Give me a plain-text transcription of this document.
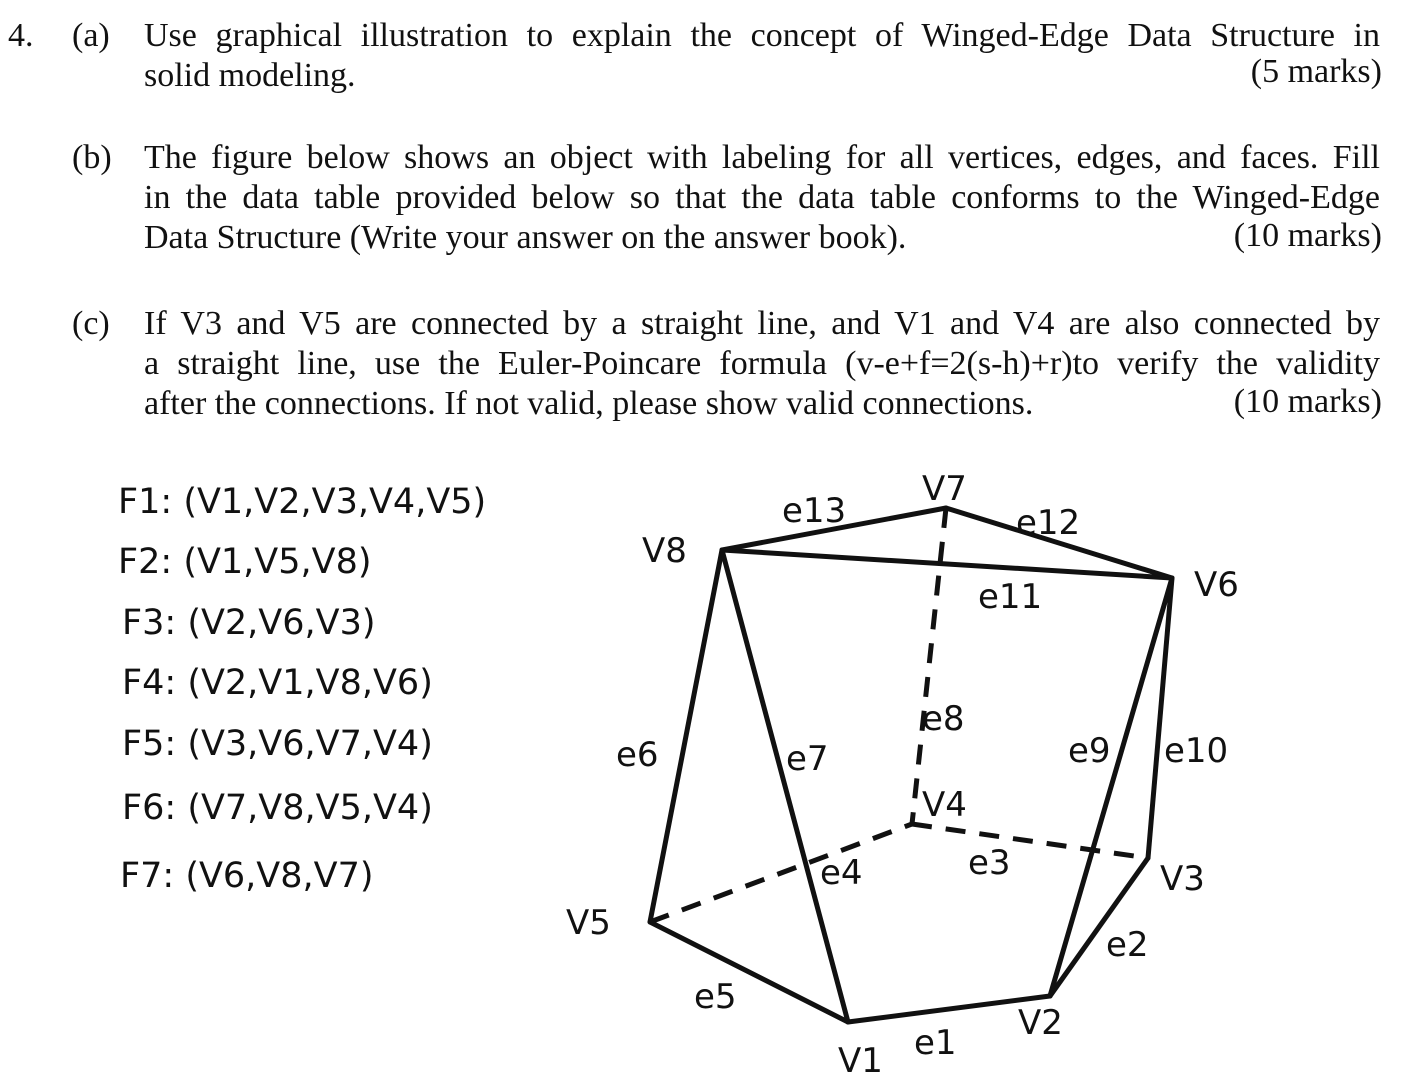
4. (a) Use graphical illustration to explain the concept of Winged-Edge Data Structure in
solid modeling.	(5 marks)
(b) The figure below shows an object with labeling for all vertices, edges, and faces. Fill
in the data table provided below so that the data table conforms to the Winged-Edge
Data Structure (Write your answer on the answer book).	(10 marks)
(c) If V3 and V5 are connected by a straight line, and V1 and V4 are also connected by
a straight line, use the Euler-Poincare formula (v-e+f=2(s-h)+r)to verify the validity
after the connections. If not valid, please show valid connections.	(10 marks)
F1: (V1,V2,V3,V4,V5)
F2: (V1,V5,V8)
F3: (V2,V6,V3)
F4: (V2,V1,V8,V6)
F5: (V3,V6,V7,V4)
F6: (V7,V8,V5,V4)
F7: (V6,V8,V7)
V1
V2
V3
V4
V5
V6
V7
V8
e1
e2
e3
e4
e5
e6	e7
e8
e9 e10
e11
e12
e13
